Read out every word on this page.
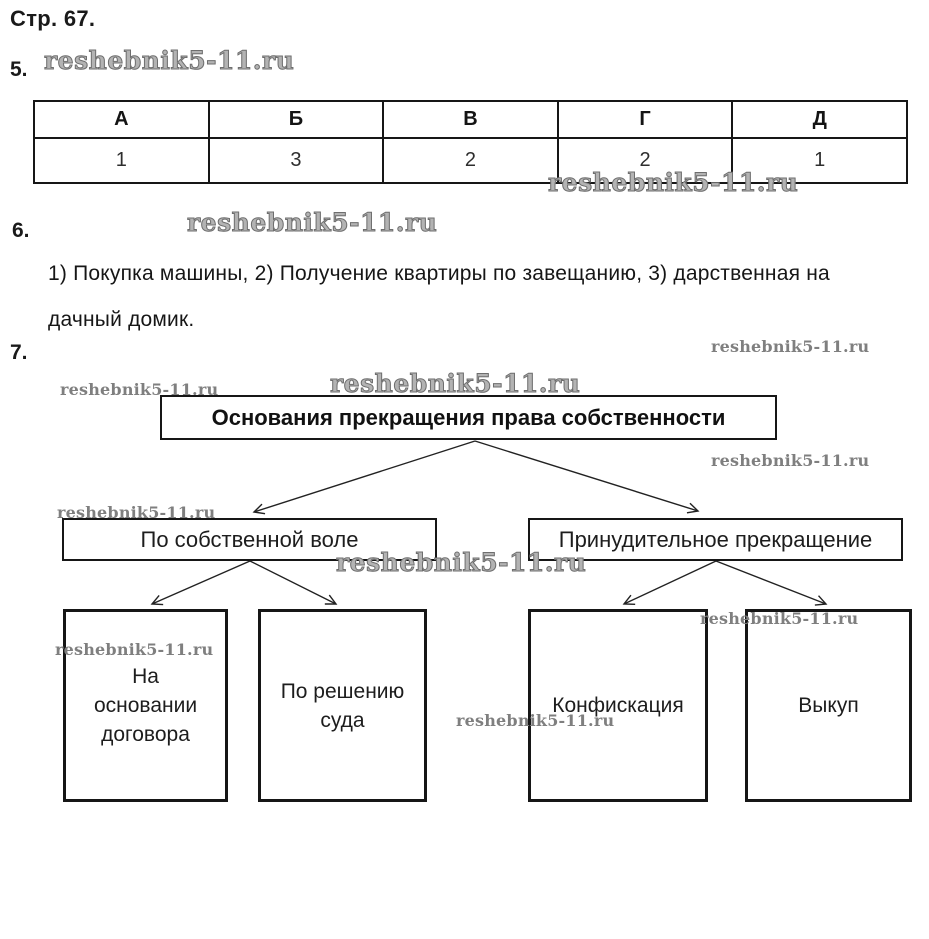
Стр. 67.
reshebnik5-11.ru
5.
А	Б	В	Г	Д
1	3	2	2	1
reshebnik5-11.ru
6.	reshebnik5-11.ru
1) Покупка машины, 2) Получение квартиры по завещанию, 3) дарственная на
дачный домик.
7.	reshebnik5-11.ru
reshebnik5-11.ru	reshebnik5-11.ru
Основания прекращения права собственности
reshebnik5-11.ru
reshebnik5-11.ru
По собственной воле	Принудительное прекращение
reshebnik5-11.ru
На основании договора
По решению суда
Конфискация	Выкуп
reshebnik5-11.ru
reshebnik5-11.ru
reshebnik5-11.ru
